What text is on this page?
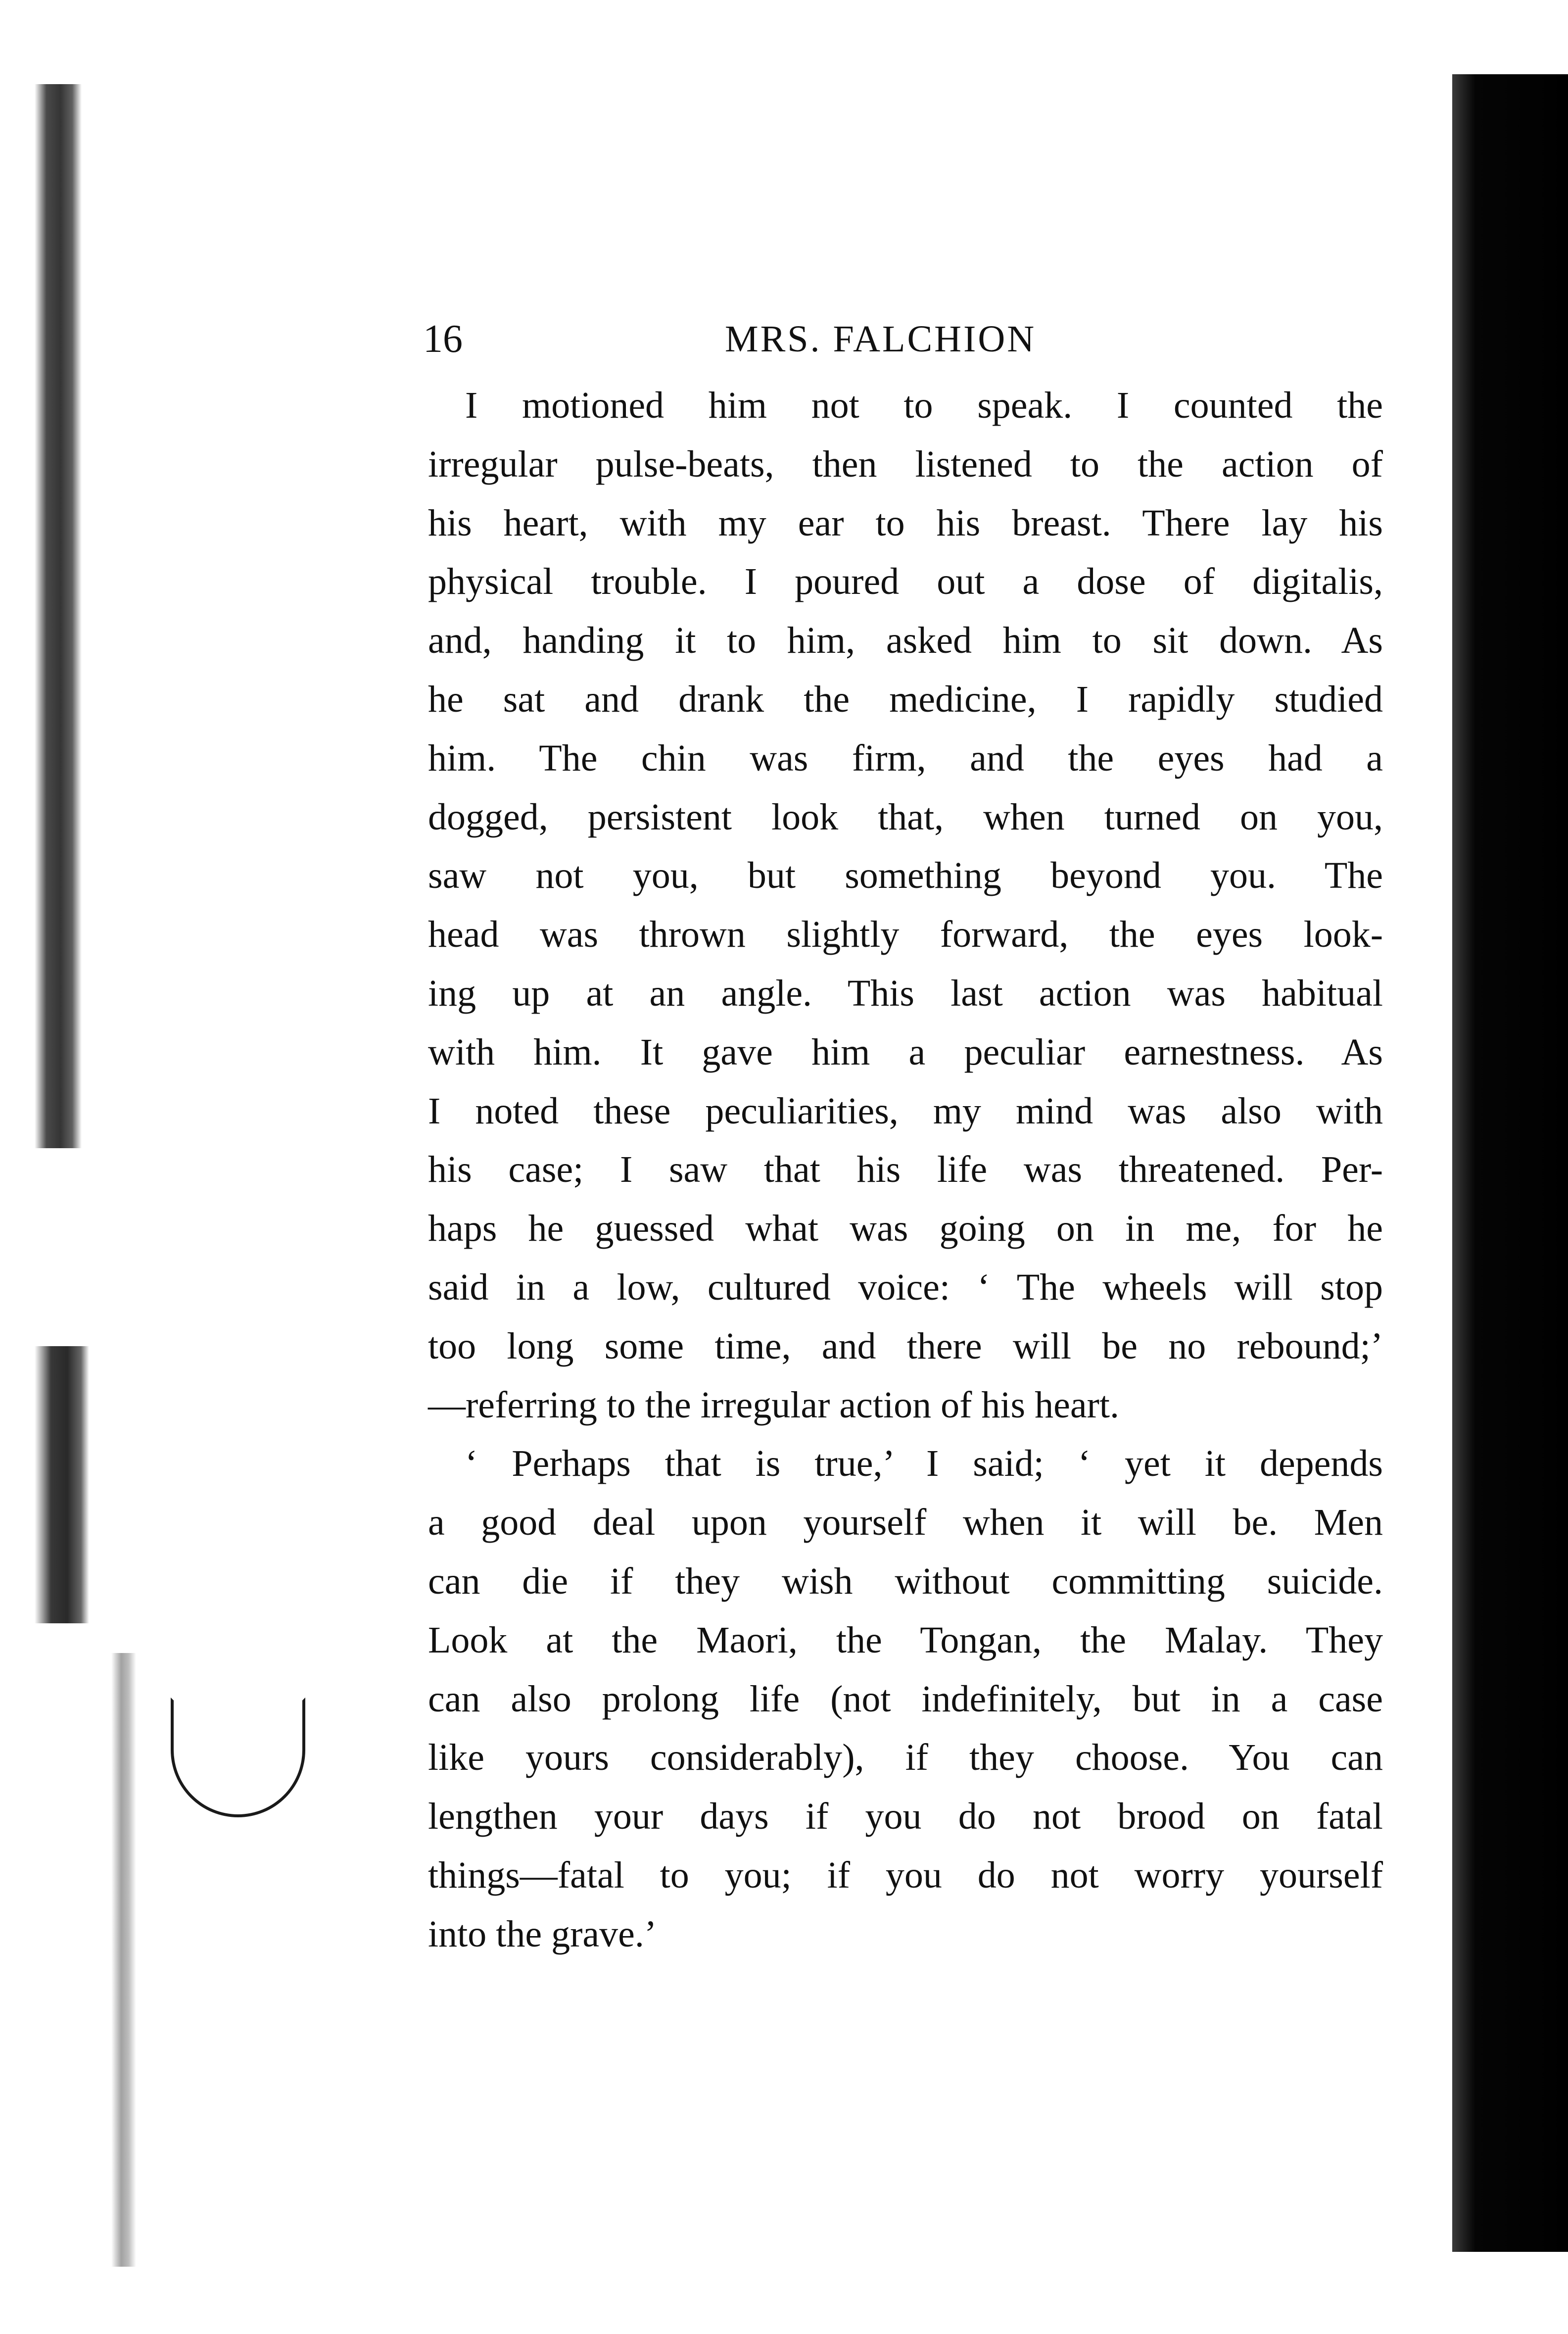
16	MRS. FALCHION
I motioned him not to speak. I counted the
irregular pulse-beats, then listened to the action of
his heart, with my ear to his breast. There lay his
physical trouble. I poured out a dose of digitalis,
and, handing it to him, asked him to sit down. As
he sat and drank the medicine, I rapidly studied
him. The chin was firm, and the eyes had a
dogged, persistent look that, when turned on you,
saw not you, but something beyond you. The
head was thrown slightly forward, the eyes look-
ing up at an angle. This last action was habitual
with him. It gave him a peculiar earnestness. As
I noted these peculiarities, my mind was also with
his case; I saw that his life was threatened. Per-
haps he guessed what was going on in me, for he
said in a low, cultured voice: ‘ The wheels will stop
too long some time, and there will be no rebound;’
—referring to the irregular action of his heart.
‘ Perhaps that is true,’ I said; ‘ yet it depends
a good deal upon yourself when it will be. Men
can die if they wish without committing suicide.
Look at the Maori, the Tongan, the Malay. They
can also prolong life (not indefinitely, but in a case
like yours considerably), if they choose. You can
lengthen your days if you do not brood on fatal
things—fatal to you; if you do not worry yourself
into the grave.’
